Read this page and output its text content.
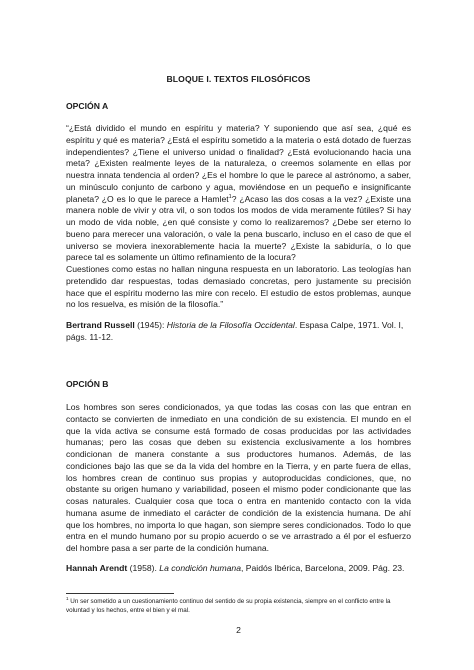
BLOQUE I. TEXTOS FILOSÓFICOS
OPCIÓN A

“¿Está dividido el mundo en espíritu y materia? Y suponiendo que así sea, ¿qué es espíritu y qué es materia? ¿Está el espíritu sometido a la materia o está dotado de fuerzas independientes? ¿Tiene el universo unidad o finalidad? ¿Está evolucionando hacia una meta? ¿Existen realmente leyes de la naturaleza, o creemos solamente en ellas por nuestra innata tendencia al orden? ¿Es el hombre lo que le parece al astrónomo, a saber, un minúsculo conjunto de carbono y agua, moviéndose en un pequeño e insignificante planeta? ¿O es lo que le parece a Hamlet$^1$? ¿Acaso las dos cosas a la vez? ¿Existe una manera noble de vivir y otra vil, o son todos los modos de vida meramente fútiles? Si hay un modo de vida noble, ¿en qué consiste y como lo realizaremos? ¿Debe ser eterno lo bueno para merecer una valoración, o vale la pena buscarlo, incluso en el caso de que el universo se moviera inexorablemente hacia la muerte? ¿Existe la sabiduría, o lo que parece tal es solamente un último refinamiento de la locura?

Cuestiones como estas no hallan ninguna respuesta en un laboratorio. Las teologías han pretendido dar respuestas, todas demasiado concretas, pero justamente su precisión hace que el espíritu moderno las mire con recelo. El estudio de estos problemas, aunque no los resuelva, es misión de la filosofía.”

Bertrand Russell (1945): Historia de la Filosofía Occidental. Espasa Calpe, 1971. Vol. I, págs. 11-12.

OPCIÓN B

Los hombres son seres condicionados, ya que todas las cosas con las que entran en contacto se convierten de inmediato en una condición de su existencia. El mundo en el que la vida activa se consume está formado de cosas producidas por las actividades humanas; pero las cosas que deben su existencia exclusivamente a los hombres condicionan de manera constante a sus productores humanos. Además, de las condiciones bajo las que se da la vida del hombre en la Tierra, y en parte fuera de ellas, los hombres crean de continuo sus propias y autoproducidas condiciones, que, no obstante su origen humano y variabilidad, poseen el mismo poder condicionante que las cosas naturales. Cualquier cosa que toca o entra en mantenido contacto con la vida humana asume de inmediato el carácter de condición de la existencia humana. De ahí que los hombres, no importa lo que hagan, son siempre seres condicionados. Todo lo que entra en el mundo humano por su propio acuerdo o se ve arrastrado a él por el esfuerzo del hombre pasa a ser parte de la condición humana.

Hannah Arendt (1958). La condición humana, Paidós Ibérica, Barcelona, 2009. Pág. 23.

$^1$ Un ser sometido a un cuestionamiento continuo del sentido de su propia existencia, siempre en el conflicto entre la voluntad y los hechos, entre el bien y el mal.

2
